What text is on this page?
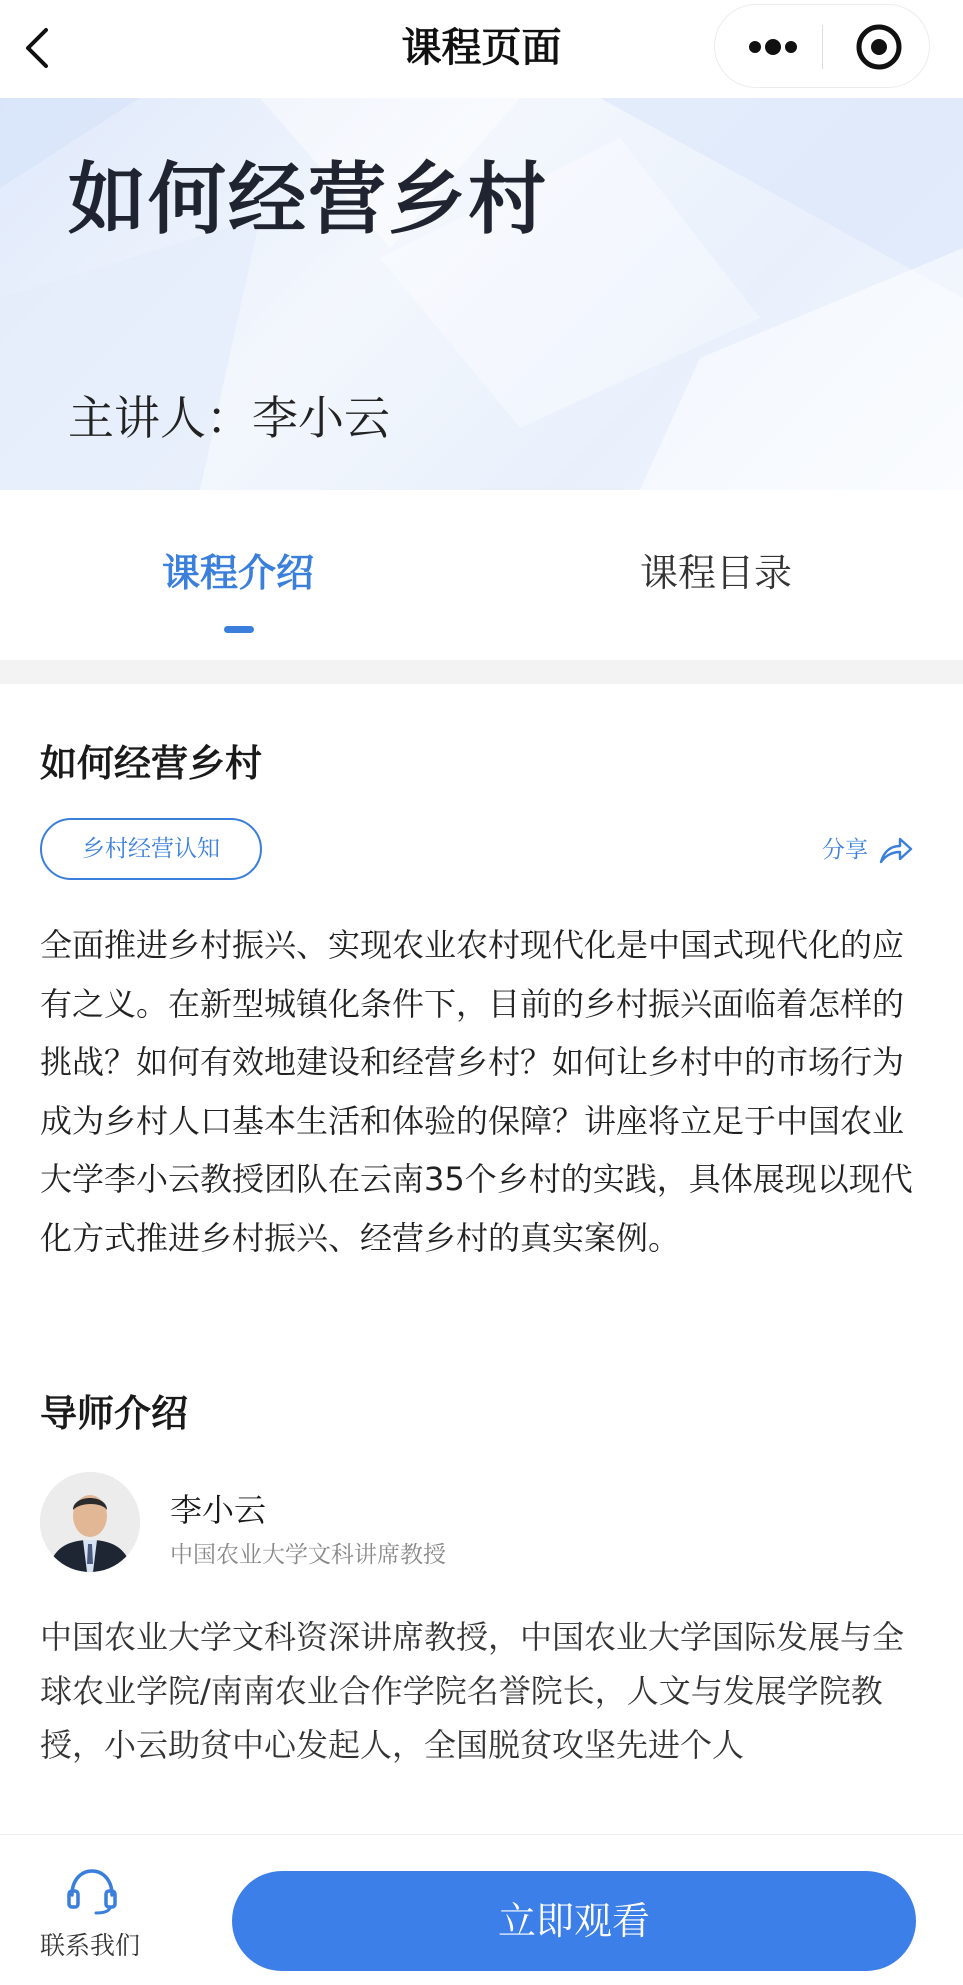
课程页面
如何经营乡村
主讲人：李小云
课程介绍	课程目录
如何经营乡村
乡村经营认知	分享
全面推进乡村振兴、实现农业农村现代化是中国式现代化的应有之义。在新型城镇化条件下，目前的乡村振兴面临着怎样的挑战？如何有效地建设和经营乡村？如何让乡村中的市场行为成为乡村人口基本生活和体验的保障？讲座将立足于中国农业大学李小云教授团队在云南35个乡村的实践，具体展现以现代化方式推进乡村振兴、经营乡村的真实案例。
导师介绍
李小云
中国农业大学文科讲席教授
中国农业大学文科资深讲席教授，中国农业大学国际发展与全球农业学院/南南农业合作学院名誉院长，人文与发展学院教授，小云助贫中心发起人，全国脱贫攻坚先进个人
联系我们
立即观看
